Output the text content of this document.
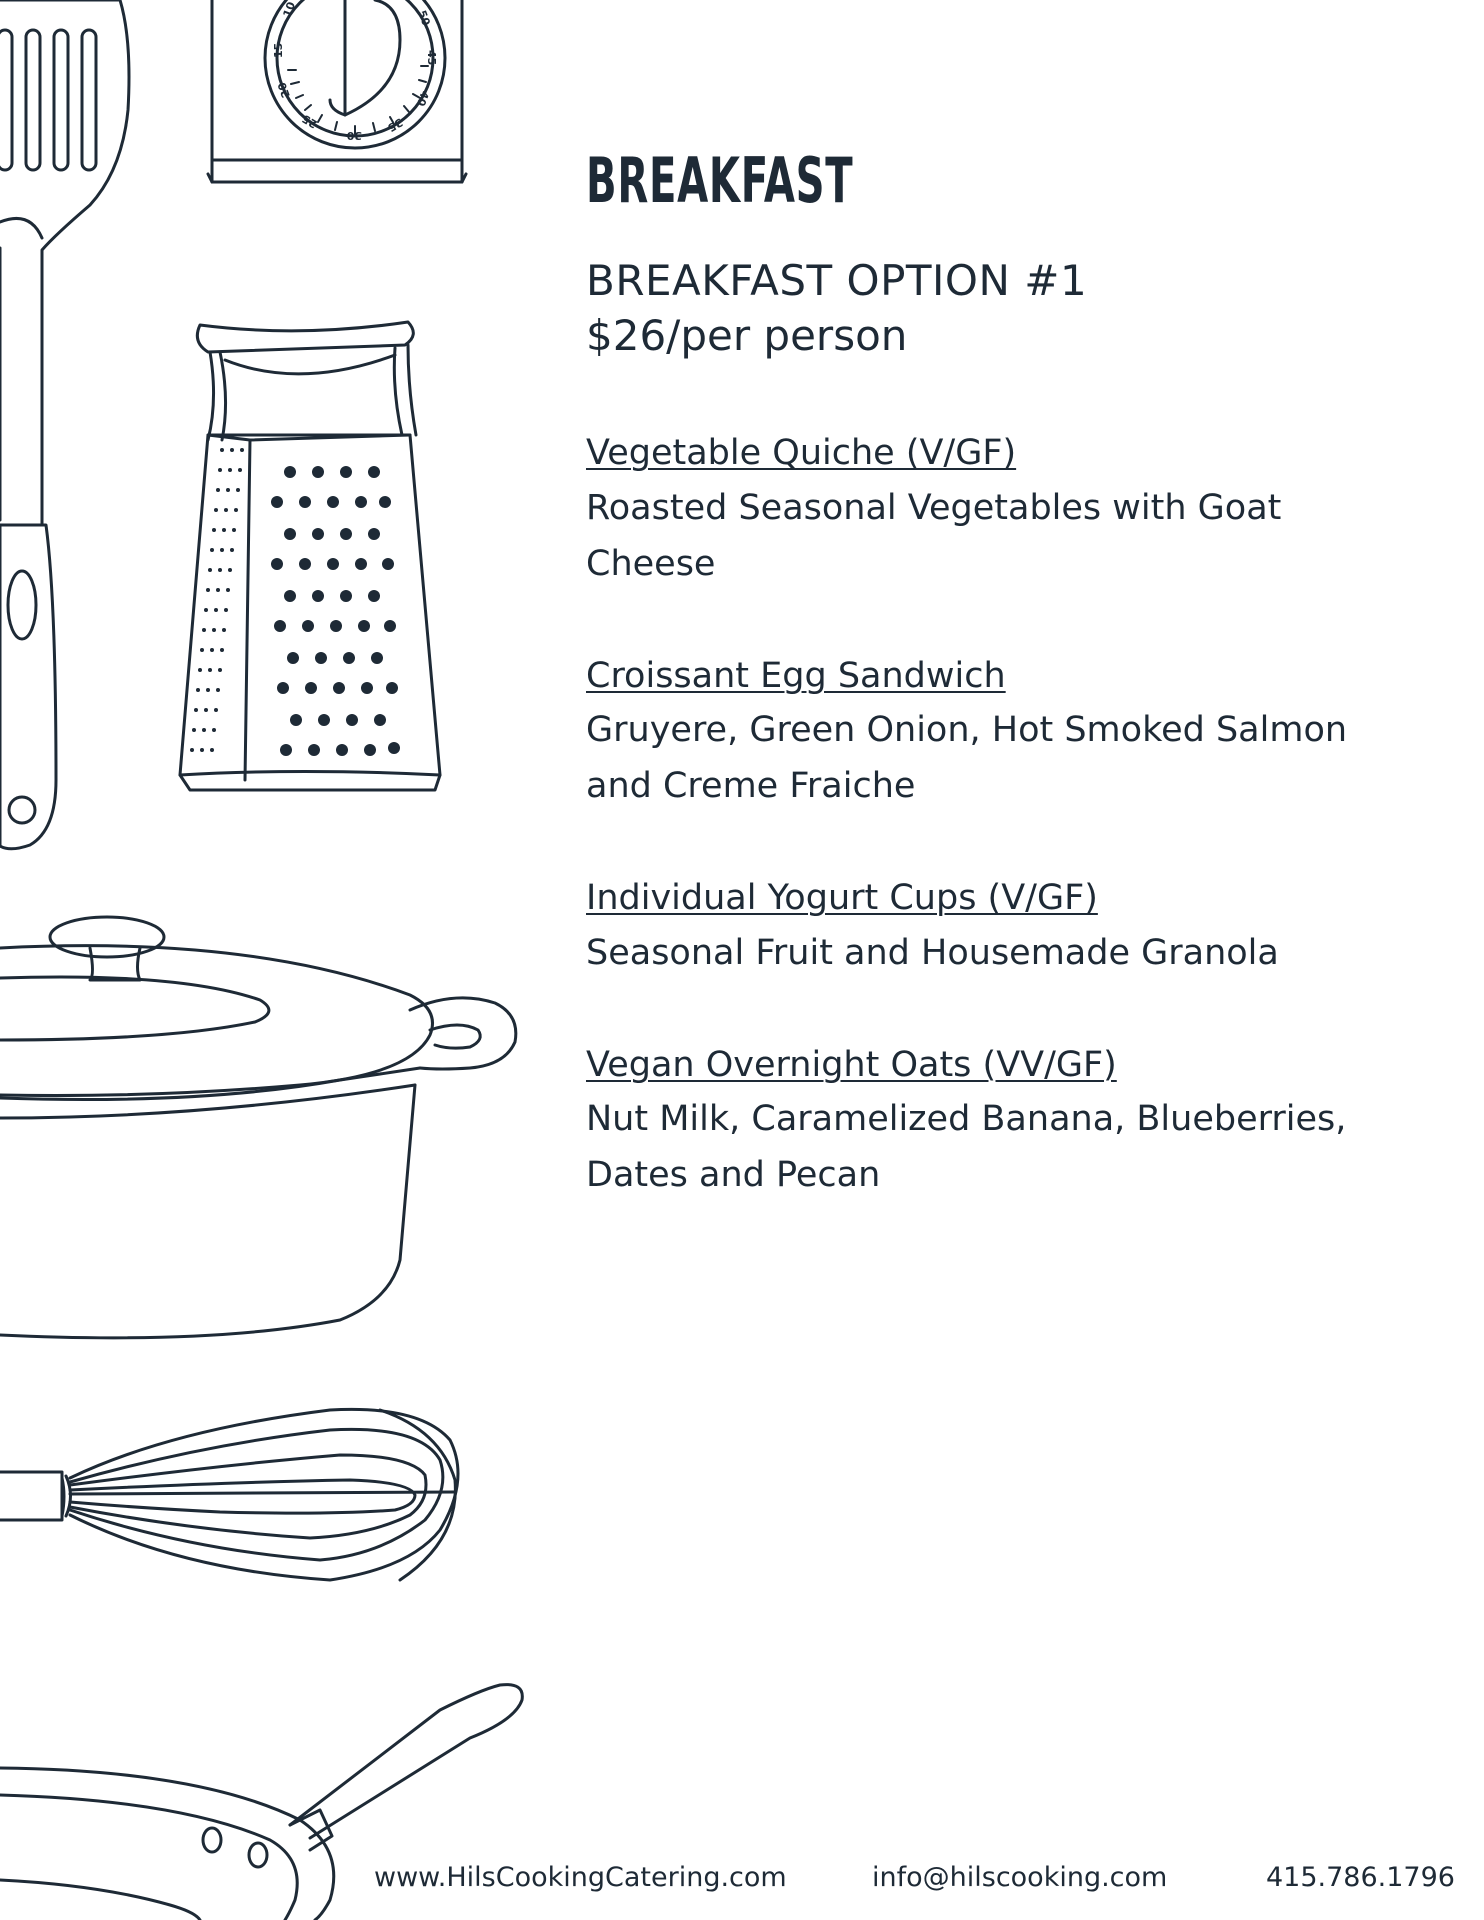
10
15
20
25
30
35
40
45
50
BREAKFAST
BREAKFAST OPTION #1
$26/per person
Vegetable Quiche (V/GF)
Roasted Seasonal Vegetables with Goat Cheese
Croissant Egg Sandwich
Gruyere, Green Onion, Hot Smoked Salmon and Creme Fraiche
Individual Yogurt Cups (V/GF)
Seasonal Fruit and Housemade Granola
Vegan Overnight Oats (VV/GF)
Nut Milk, Caramelized Banana, Blueberries, Dates and Pecan
www.HilsCookingCatering.com	info@hilscooking.com	415.786.1796
